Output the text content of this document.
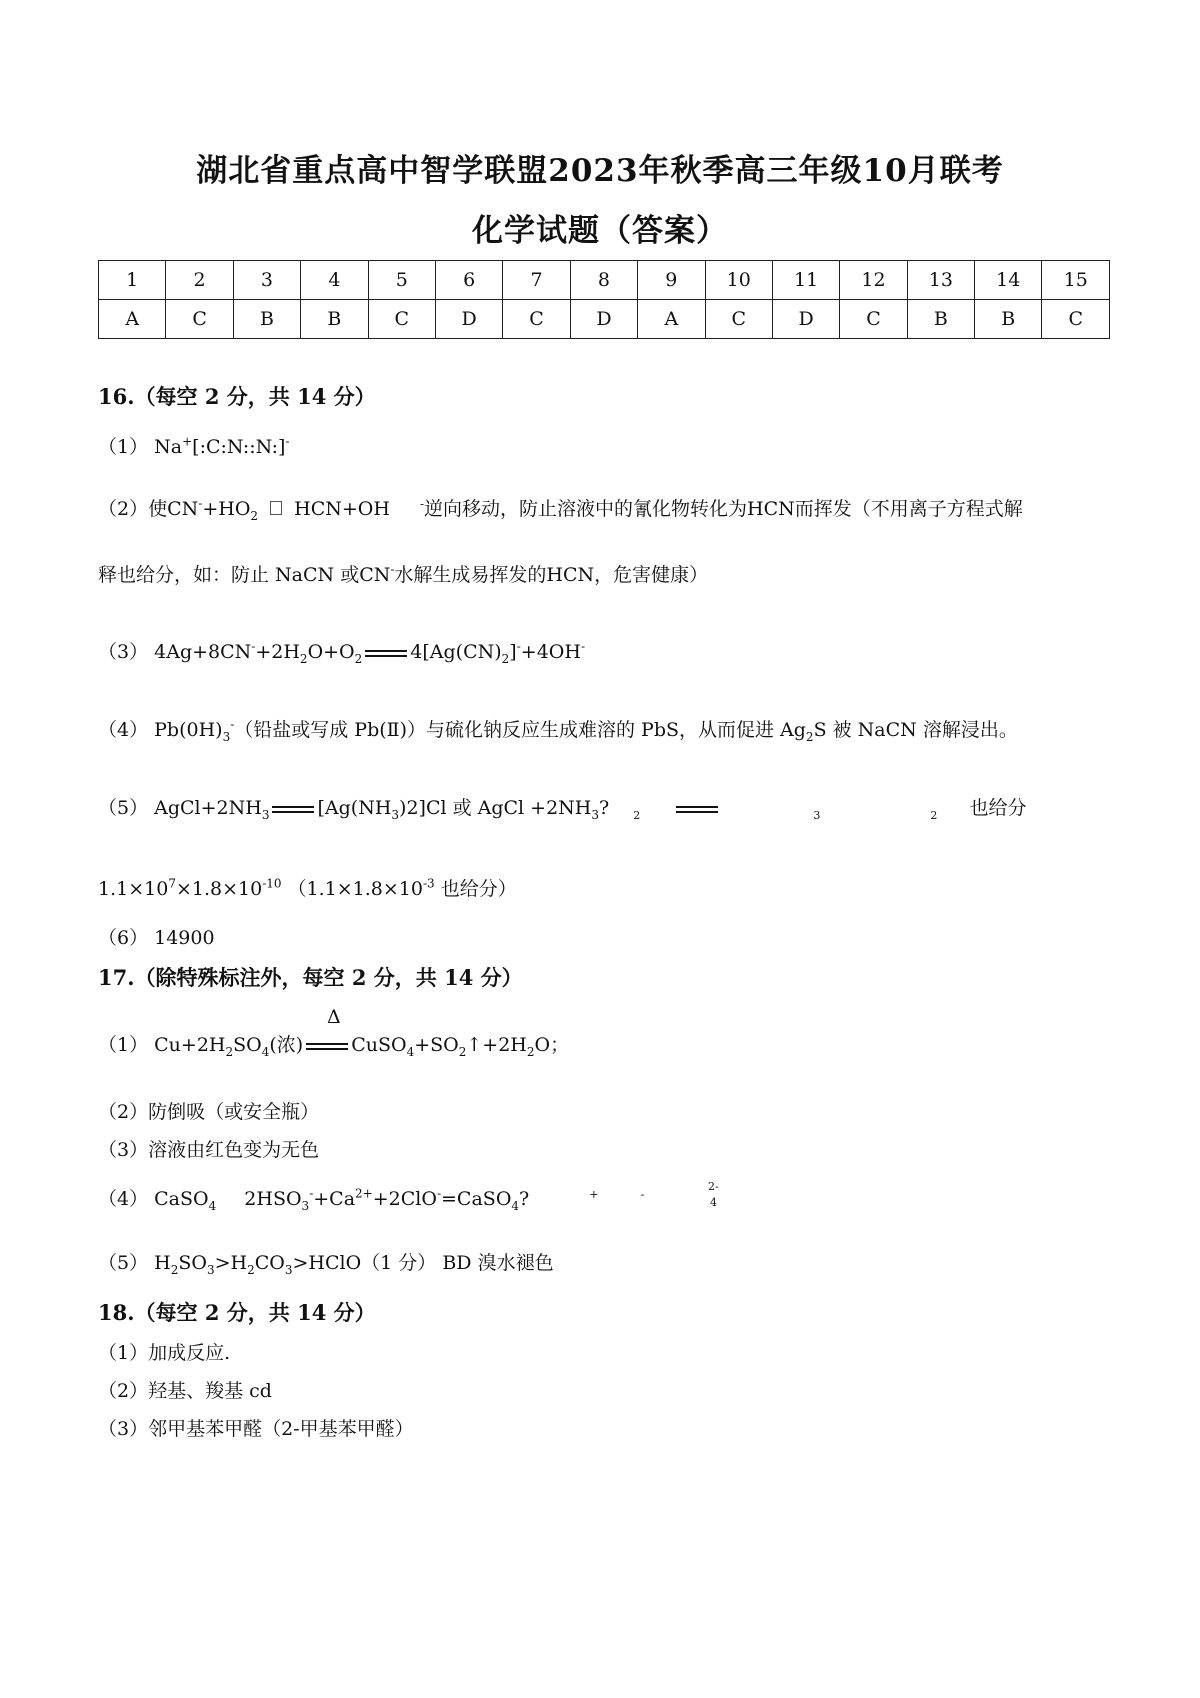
湖北省重点高中智学联盟2023年秋季高三年级10月联考
化学试题（答案）
1	2	3	4	5	6	7	8	9	10	11	12	13	14	15
A	C	B	B	C	D	C	D	A	C	D	C	B	B	C
16.（每空 2 分，共 14 分）
（1） Na+[:C:N::N:]-
（2）使$CN^-+HO_2$  HCN+OH	-逆向移动，防止溶液中的氰化物转化为HCN而挥发（不用离子方程式解
释也给分，如：防止 NaCN 或CN-水解生成易挥发的HCN，危害健康）
（3） $4Ag+8CN^-+2H_2O+O_2$	$4[Ag(CN)_2]^-+4OH^-$
（4） $Pb(0H)_3^-$（铅盐或写成 Pb(Ⅱ)）与硫化钠反应生成难溶的 PbS，从而促进 $Ag_2S$ 被 NaCN 溶解浸出。
（5） $AgCl+2NH_3$	$[Ag(NH_3)2]Cl$ 或 AgCl $+2NH_3$? $_2$	$_3$	$_2$ 也给分
$1.1\times 10^7\times 1.8\times 10^{-10}$ （$1.1\times 1.8\times 10^{-3}$ 也给分）
（6） 14900
17.（除特殊标注外，每空 2 分，共 14 分）
Δ
（1） $Cu+2H_2SO_4$(浓)	$CuSO_4+SO_2↑+2H_2O$；
（2）防倒吸（或安全瓶）
（3）溶液由红色变为无色
（4） CaSO$_4$ $2HSO_3^-+Ca^{2+}+2ClO^-=CaSO_4$?	+	-
2-
4
（5） $H_2SO_3>H_2CO_3>HClO(1$ 分） BD 溴水褪色
18.（每空 2 分，共 14 分）
（1）加成反应.
（2）羟基、羧基 cd
（3）邻甲基苯甲醛（2-甲基苯甲醛）
